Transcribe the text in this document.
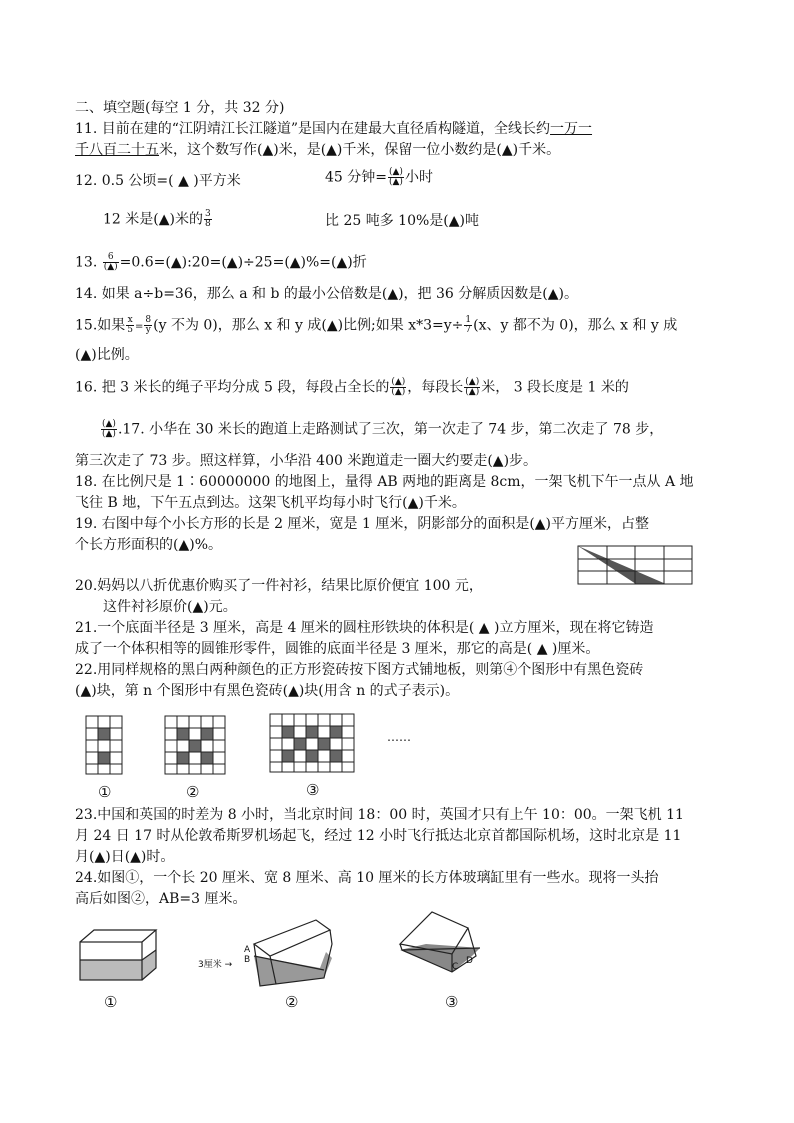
二、填空题(每空 1 分，共 32 分)
11. 目前在建的“江阴靖江长江隧道”是国内在建最大直径盾构隧道，全线长约一万一
千八百二十五米，这个数写作(▲)米，是(▲)千米，保留一位小数约是(▲)千米。
12. 0.5 公顷=( ▲ )平方米	45 分钟= $\frac{(▲)}{(▲)}$ 小时
12 米是(▲)米的 $\frac{3}{8}$	比 25 吨多 10%是(▲)吨
13. $\frac{6}{(▲)}$ =0.6=(▲):20=(▲)÷25=(▲)%=(▲)折
14. 如果 a÷b=36，那么 a 和 b 的最小公倍数是(▲)，把 36 分解质因数是(▲)。
15.如果 $\frac{x}{5} = \frac{8}{y} (y$ 不为 0)，那么 x 和 y 成(▲)比例;如果 $x*3=y\div \frac{1}{7} (x$、y 都不为 0)，那么 x 和 y 成
(▲)比例。
16. 把 3 米长的绳子平均分成 5 段，每段占全长的 $\frac{(▲)}{(▲)}$ ，每段长 $\frac{(▲)}{(▲)}$ 米， 3 段长度是 1 米的
$\frac{(▲)}{(▲)} .17$. 小华在 30 米长的跑道上走路测试了三次，第一次走了 74 步，第二次走了 78 步，
第三次走了 73 步。照这样算，小华沿 400 米跑道走一圈大约要走(▲)步。
18. 在比例尺是 1∶60000000 的地图上，量得 AB 两地的距离是 8cm，一架飞机下午一点从 A 地
飞往 B 地，下午五点到达。这架飞机平均每小时飞行(▲)千米。
19. 右图中每个小长方形的长是 2 厘米，宽是 1 厘米，阴影部分的面积是(▲)平方厘米，占整
个长方形面积的(▲)%。
20.妈妈以八折优惠价购买了一件衬衫，结果比原价便宜 100 元，
这件衬衫原价(▲)元。
21.一个底面半径是 3 厘米，高是 4 厘米的圆柱形铁块的体积是( ▲ )立方厘米，现在将它铸造
成了一个体积相等的圆锥形零件，圆锥的底面半径是 3 厘米，那它的高是( ▲ )厘米。
22.用同样规格的黑白两种颜色的正方形瓷砖按下图方式铺地板，则第④个图形中有黑色瓷砖
(▲)块，第 n 个图形中有黑色瓷砖(▲)块(用含 n 的式子表示)。
……
①	②	③
23.中国和英国的时差为 8 小时，当北京时间 18：00 时，英国才只有上午 10：00。一架飞机 11
月 24 日 17 时从伦敦希斯罗机场起飞，经过 12 小时飞行抵达北京首都国际机场，这时北京是 11
月(▲)日(▲)时。
24.如图①，一个长 20 厘米、宽 8 厘米、高 10 厘米的长方体玻璃缸里有一些水。现将一头抬
高后如图②，AB=3 厘米。
3厘米 →
A
B
C
D
①	②	③
